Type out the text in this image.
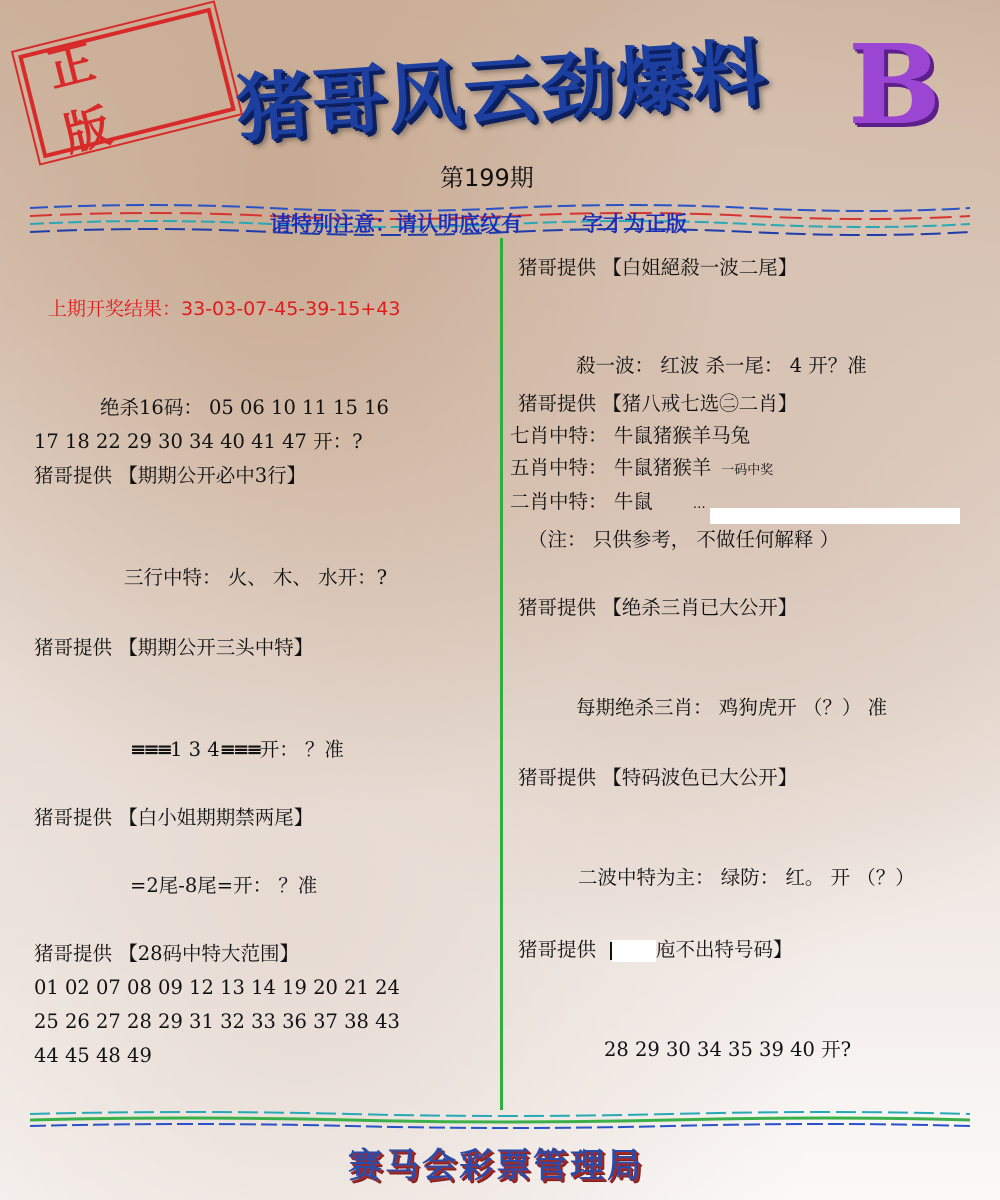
正 版	猪哥风云劲爆料 B
第199期
请特别注意：请认明底纹有	字才为正版
上期开奖结果：33-03-07-45-39-15+43
绝杀16码： 05 06 10 11 15 16
17 18 22 29 30 34 40 41 47 开：?
猪哥提供 【期期公开必中3行】
三行中特： 火、 木、 水开：?
猪哥提供 【期期公开三头中特】
≡≡≡1 3 4≡≡≡开： ？准
猪哥提供 【白小姐期期禁两尾】
=2尾-8尾=开： ？准
猪哥提供 【28码中特大范围】
01 02 07 08 09 12 13 14 19 20 21 24
25 26 27 28 29 31 32 33 36 37 38 43
44 45 48 49
猪哥提供 【白姐絕殺一波二尾】
殺一波： 红波 杀一尾： 4 开？准
猪哥提供 【猪八戒七选㊁二肖】
七肖中特： 牛鼠猪猴羊马兔
五肖中特： 牛鼠猪猴羊 一码中奖
二肖中特： 牛鼠	…
（注： 只供参考， 不做任何解释 ）
猪哥提供 【绝杀三肖已大公开】
每期绝杀三肖： 鸡狗虎开 （？） 准
猪哥提供 【特码波色已大公开】
二波中特为主： 绿防： 红。 开 （？）
猪哥提供	庖不出特号码】
28 29 30 34 35 39 40 开?
赛马会彩票管理局
